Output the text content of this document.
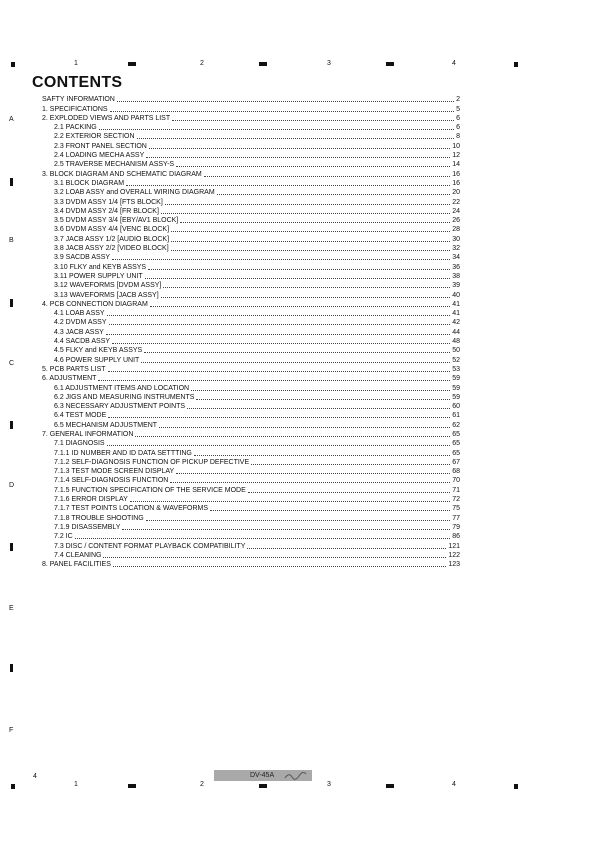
1	2	3	4
A
B
C
D
E
F
CONTENTS
SAFTY INFORMATION	2
1. SPECIFICATIONS	5
2. EXPLODED VIEWS AND PARTS LIST	6
2.1 PACKING	6
2.2 EXTERIOR SECTION	8
2.3 FRONT PANEL SECTION	10
2.4 LOADING MECHA ASSY	12
2.5 TRAVERSE MECHANISM ASSY-S	14
3. BLOCK DIAGRAM AND SCHEMATIC DIAGRAM	16
3.1 BLOCK DIAGRAM	16
3.2 LOAB ASSY and OVERALL WIRING DIAGRAM	20
3.3 DVDM ASSY 1/4 [FTS BLOCK]	22
3.4 DVDM ASSY 2/4 [FR BLOCK]	24
3.5 DVDM ASSY 3/4 [EBY/AV1 BLOCK]	26
3.6 DVDM ASSY 4/4 [VENC BLOCK]	28
3.7 JACB ASSY 1/2 [AUDIO BLOCK]	30
3.8 JACB ASSY 2/2 [VIDEO BLOCK]	32
3.9 SACDB ASSY	34
3.10 FLKY and KEYB ASSYS	36
3.11 POWER SUPPLY UNIT	38
3.12 WAVEFORMS [DVDM ASSY]	39
3.13 WAVEFORMS [JACB ASSY]	40
4. PCB CONNECTION DIAGRAM	41
4.1 LOAB ASSY	41
4.2 DVDM ASSY	42
4.3 JACB ASSY	44
4.4 SACDB ASSY	48
4.5 FLKY and KEYB ASSYS	50
4.6 POWER SUPPLY UNIT	52
5. PCB PARTS LIST	53
6. ADJUSTMENT	59
6.1 ADJUSTMENT ITEMS AND LOCATION	59
6.2 JIGS AND MEASURING INSTRUMENTS	59
6.3 NECESSARY ADJUSTMENT POINTS	60
6.4 TEST MODE	61
6.5 MECHANISM ADJUSTMENT	62
7. GENERAL INFORMATION	65
7.1 DIAGNOSIS	65
7.1.1 ID NUMBER AND ID DATA SETTTING	65
7.1.2 SELF-DIAGNOSIS FUNCTION OF PICKUP DEFECTIVE	67
7.1.3 TEST MODE SCREEN DISPLAY	68
7.1.4 SELF-DIAGNOSIS FUNCTION	70
7.1.5 FUNCTION SPECIFICATION OF THE SERVICE MODE	71
7.1.6 ERROR DISPLAY	72
7.1.7 TEST POINTS LOCATION & WAVEFORMS	75
7.1.8 TROUBLE SHOOTING	77
7.1.9 DISASSEMBLY	79
7.2 IC	86
7.3 DISC / CONTENT FORMAT PLAYBACK COMPATIBILITY	121
7.4 CLEANING	122
8. PANEL FACILITIES	123
4	DV-45A
1	2	3	4
